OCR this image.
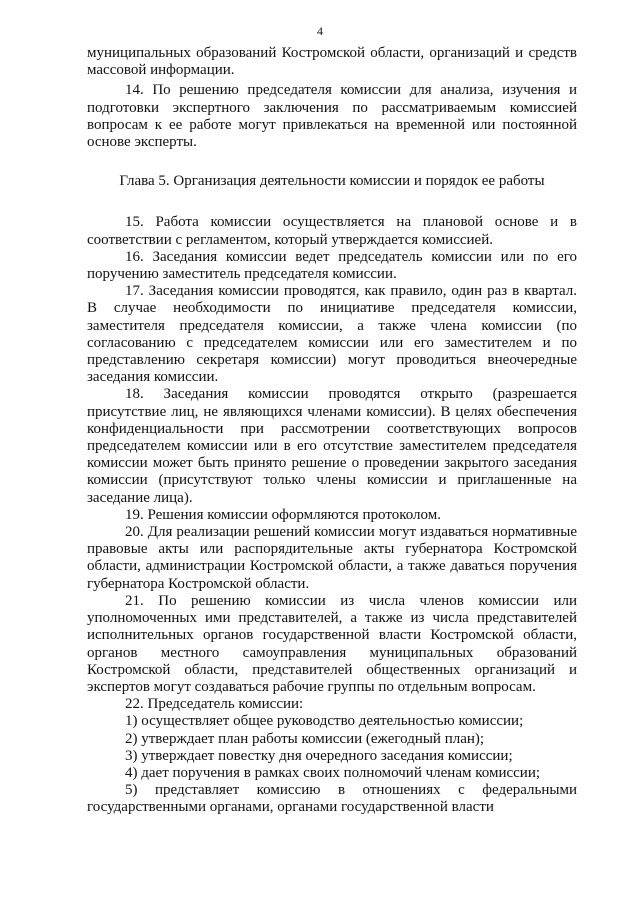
4

муниципальных образований Костромской области, организаций и средств массовой информации.

14. По решению председателя комиссии для анализа, изучения и подготовки экспертного заключения по рассматриваемым комиссией вопросам к ее работе могут привлекаться на временной или постоянной основе эксперты.

Глава 5. Организация деятельности комиссии и порядок ее работы

15. Работа комиссии осуществляется на плановой основе и в соответствии с регламентом, который утверждается комиссией.

16. Заседания комиссии ведет председатель комиссии или по его поручению заместитель председателя комиссии.

17. Заседания комиссии проводятся, как правило, один раз в квартал. В случае необходимости по инициативе председателя комиссии, заместителя председателя комиссии, а также члена комиссии (по согласованию с председателем комиссии или его заместителем и по представлению секретаря комиссии) могут проводиться внеочередные заседания комиссии.

18. Заседания комиссии проводятся открыто (разрешается присутствие лиц, не являющихся членами комиссии). В целях обеспечения конфиденциальности при рассмотрении соответствующих вопросов председателем комиссии или в его отсутствие заместителем председателя комиссии может быть принято решение о проведении закрытого заседания комиссии (присутствуют только члены комиссии и приглашенные на заседание лица).

19. Решения комиссии оформляются протоколом.

20. Для реализации решений комиссии могут издаваться нормативные правовые акты или распорядительные акты губернатора Костромской области, администрации Костромской области, а также даваться поручения губернатора Костромской области.

21. По решению комиссии из числа членов комиссии или уполномоченных ими представителей, а также из числа представителей исполнительных органов государственной власти Костромской области, органов местного самоуправления муниципальных образований Костромской области, представителей общественных организаций и экспертов могут создаваться рабочие группы по отдельным вопросам.

22. Председатель комиссии:

1) осуществляет общее руководство деятельностью комиссии;

2) утверждает план работы комиссии (ежегодный план);

3) утверждает повестку дня очередного заседания комиссии;

4) дает поручения в рамках своих полномочий членам комиссии;

5) представляет комиссию в отношениях с федеральными государственными органами, органами государственной власти
